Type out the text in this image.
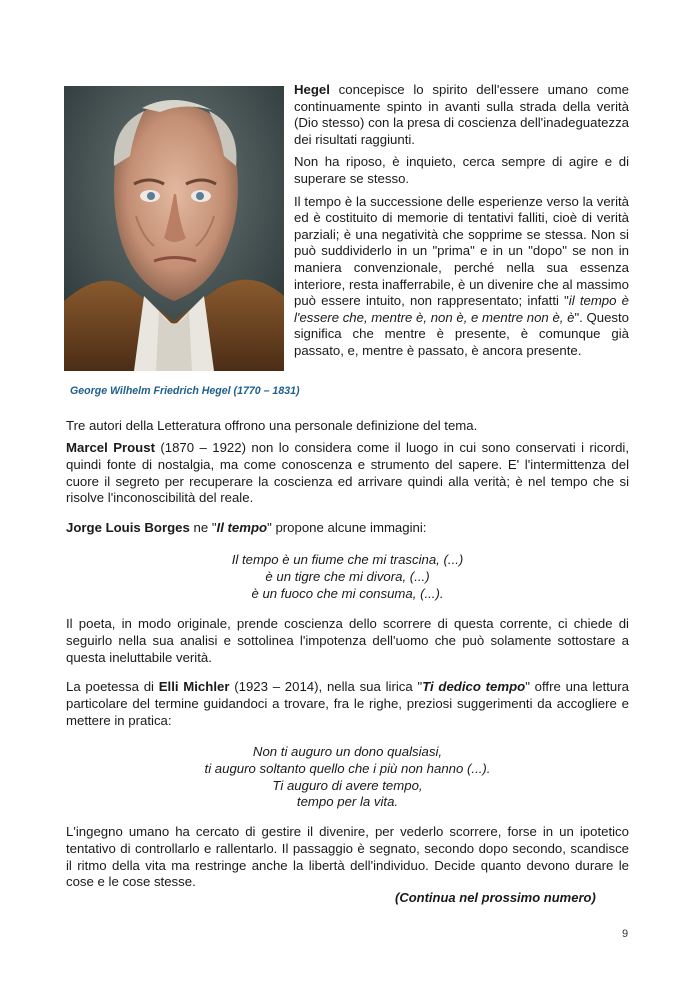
George Wilhelm Friedrich Hegel (1770 – 1831)

Hegel concepisce lo spirito dell'essere umano come continuamente spinto in avanti sulla strada della verità (Dio stesso) con la presa di coscienza dell'inadeguatezza dei risultati raggiunti.

Non ha riposo, è inquieto, cerca sempre di agire e di superare se stesso.

Il tempo è la successione delle esperienze verso la verità ed è costituito di memorie di tentativi falliti, cioè di verità parziali; è una negatività che sopprime se stessa. Non si può suddividerlo in un "prima" e in un "dopo" se non in maniera convenzionale, perché nella sua essenza interiore, resta inafferrabile, è un divenire che al massimo può essere intuito, non rappresentato; infatti "il tempo è l'essere che, mentre è, non è, e mentre non è, è". Questo significa che mentre è presente, è comunque già passato, e, mentre è passato, è ancora presente.

Tre autori della Letteratura offrono una personale definizione del tema.

Marcel Proust (1870 – 1922) non lo considera come il luogo in cui sono conservati i ricordi, quindi fonte di nostalgia, ma come conoscenza e strumento del sapere. E' l'intermittenza del cuore il segreto per recuperare la coscienza ed arrivare quindi alla verità; è nel tempo che si risolve l'inconoscibilità del reale.

Jorge Louis Borges ne "Il tempo" propone alcune immagini:

Il tempo è un fiume che mi trascina, (...)
è un tigre che mi divora, (...)
è un fuoco che mi consuma, (...).

Il poeta, in modo originale, prende coscienza dello scorrere di questa corrente, ci chiede di seguirlo nella sua analisi e sottolinea l'impotenza dell'uomo che può solamente sottostare a questa ineluttabile verità.

La poetessa di Elli Michler (1923 – 2014), nella sua lirica "Ti dedico tempo" offre una lettura particolare del termine guidandoci a trovare, fra le righe, preziosi suggerimenti da accogliere e mettere in pratica:

Non ti auguro un dono qualsiasi,
ti auguro soltanto quello che i più non hanno (...).
Ti auguro di avere tempo,
tempo per la vita.

L'ingegno umano ha cercato di gestire il divenire, per vederlo scorrere, forse in un ipotetico tentativo di controllarlo e rallentarlo. Il passaggio è segnato, secondo dopo secondo, scandisce il ritmo della vita ma restringe anche la libertà dell'individuo. Decide quanto devono durare le cose e le cose stesse.

(Continua nel prossimo numero)
9
